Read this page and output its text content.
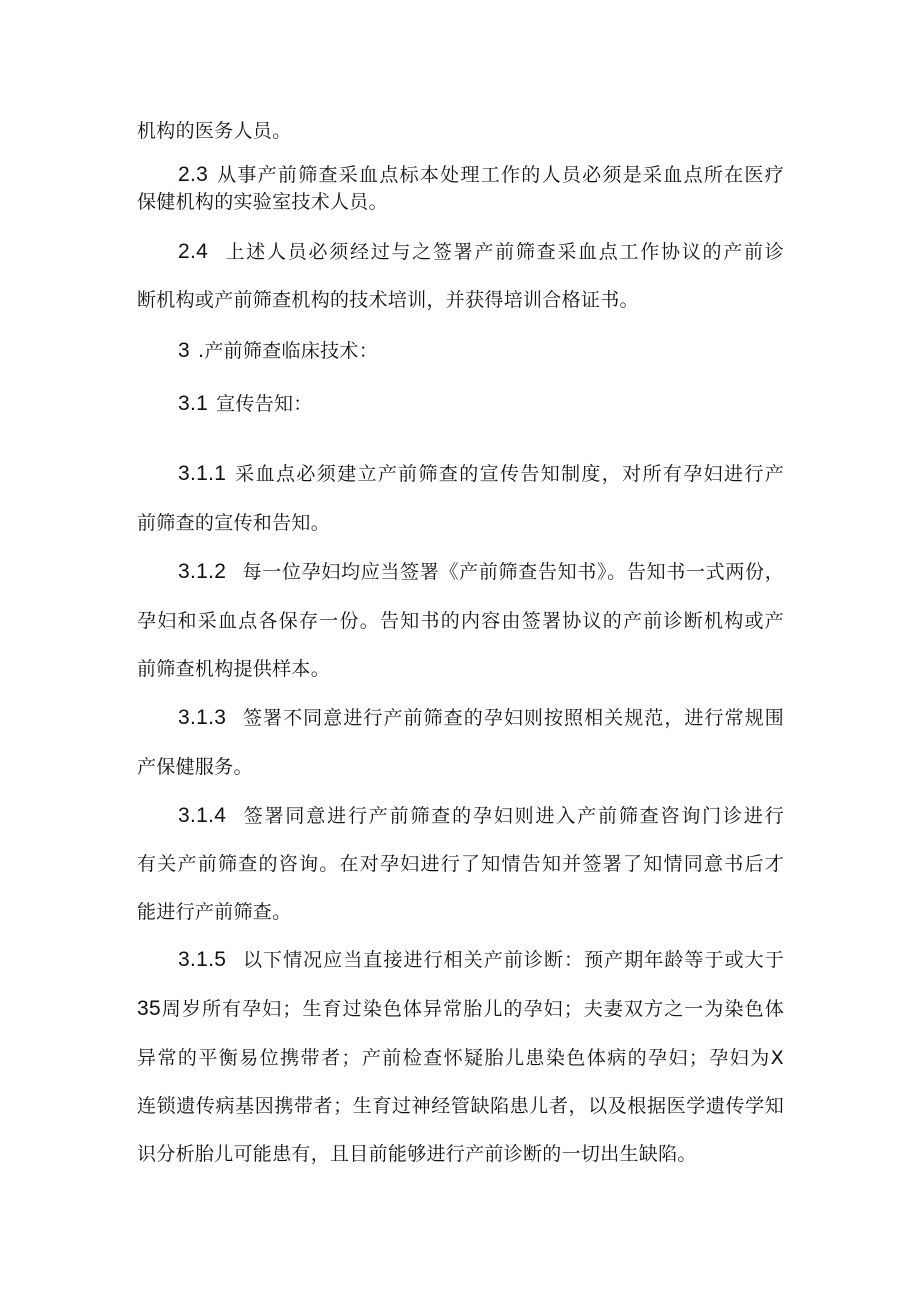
机构的医务人员。
2.3 从事产前筛查采血点标本处理工作的人员必须是采血点所在医疗
保健机构的实验室技术人员。
2.4 上述人员必须经过与之签署产前筛查采血点工作协议的产前诊
断机构或产前筛查机构的技术培训，并获得培训合格证书。
3 .产前筛查临床技术：
3.1 宣传告知：
3.1.1 采血点必须建立产前筛查的宣传告知制度，对所有孕妇进行产
前筛查的宣传和告知。
3.1.2 每一位孕妇均应当签署《产前筛查告知书》。告知书一式两份，
孕妇和采血点各保存一份。告知书的内容由签署协议的产前诊断机构或产
前筛查机构提供样本。
3.1.3 签署不同意进行产前筛查的孕妇则按照相关规范，进行常规围
产保健服务。
3.1.4 签署同意进行产前筛查的孕妇则进入产前筛查咨询门诊进行
有关产前筛查的咨询。在对孕妇进行了知情告知并签署了知情同意书后才
能进行产前筛查。
3.1.5 以下情况应当直接进行相关产前诊断：预产期年龄等于或大于
35周岁所有孕妇；生育过染色体异常胎儿的孕妇；夫妻双方之一为染色体
异常的平衡易位携带者；产前检查怀疑胎儿患染色体病的孕妇；孕妇为X
连锁遗传病基因携带者；生育过神经管缺陷患儿者，以及根据医学遗传学知
识分析胎儿可能患有，且目前能够进行产前诊断的一切出生缺陷。
